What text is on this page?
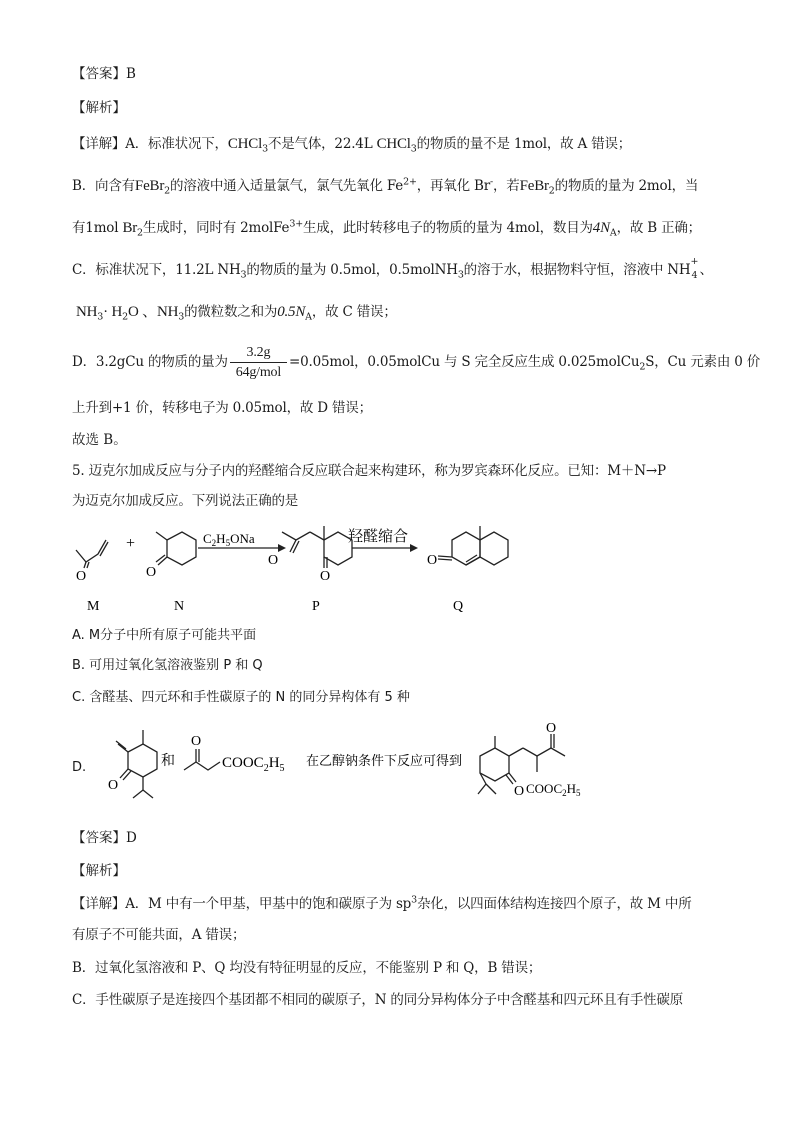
【答案】B
【解析】
【详解】A．标准状况下，CHCl$_3$不是气体，22.4L CHCl$_3$的物质的量不是 1mol，故 A 错误；
B．向含有FeBr$_2$的溶液中通入适量氯气，氯气先氧化 $Fe^{2+}$，再氧化 Br-，若FeBr$_2$的物质的量为 2mol，当
有1mol $Br_2$生成时，同时有 2molFe$^{3+}$生成，此时转移电子的物质的量为 4mol，数目为$4N_A$，故 B 正确；
C．标准状况下，11.2L $NH_3$的物质的量为 0.5mol，0.5molNH$_3$的溶于水，根据物料守恒，溶液中 NH
+
4 、
$NH_3\cdot H_2O$ 、$NH_3$的微粒数之和为$0.5N_A$，故 C 错误；
D．3.2gCu 的物质的量为 $\frac{3.2g}{\text{64g/mol}} =0.05mol$，0.05molCu 与 S 完全反应生成 0.025molCu$_2$S，Cu 元素由 0 价
上升到+1 价，转移电子为 0.05mol，故 D 错误；
故选 B。
5. 迈克尔加成反应与分子内的羟醛缩合反应联合起来构建环，称为罗宾森环化反应。已知：M＋N→P
为迈克尔加成反应。下列说法正确的是
O
M
+
O
N
$C_2H_5ONa$
O
O
P
羟醛缩合
O
Q
A. M分子中所有原子可能共平面
B. 可用过氧化氢溶液鉴别 P 和 Q
C. 含醛基、四元环和手性碳原子的 N 的同分异构体有 5 种
D.
O
和
O
$COOC_2H_5$
在乙醇钠条件下反应可得到
O
O $COOC_2H_5$
【答案】D
【解析】
【详解】A．M 中有一个甲基，甲基中的饱和碳原子为 $sp^3$杂化，以四面体结构连接四个原子，故 M 中所
有原子不可能共面，A 错误；
B．过氧化氢溶液和 P、Q 均没有特征明显的反应，不能鉴别 P 和 Q，B 错误；
C．手性碳原子是连接四个基团都不相同的碳原子，N 的同分异构体分子中含醛基和四元环且有手性碳原
